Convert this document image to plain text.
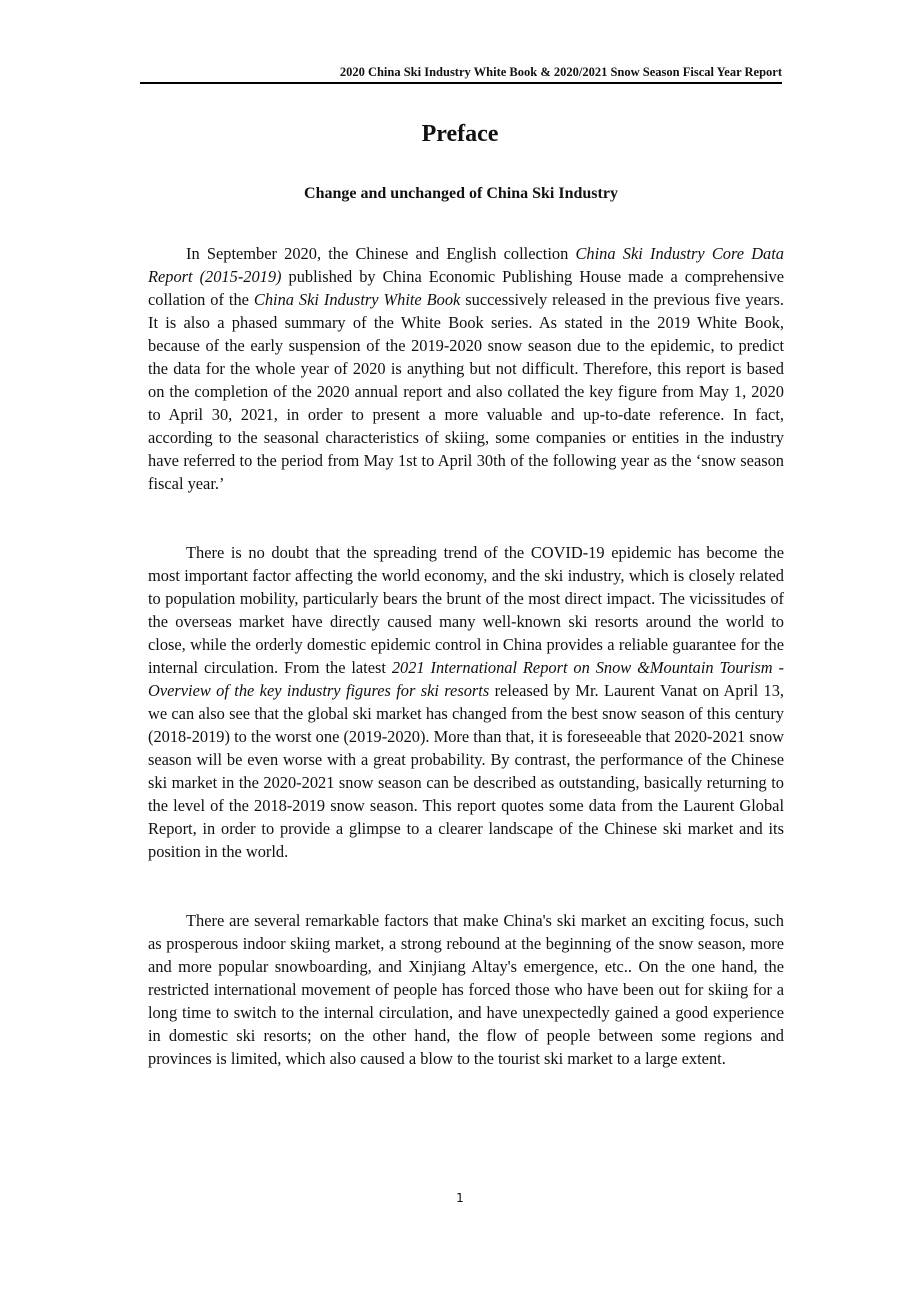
2020 China Ski Industry White Book & 2020/2021 Snow Season Fiscal Year Report
Preface
Change and unchanged of China Ski Industry

In September 2020, the Chinese and English collection China Ski Industry Core Data Report (2015-2019) published by China Economic Publishing House made a comprehensive collation of the China Ski Industry White Book successively released in the previous five years. It is also a phased summary of the White Book series. As stated in the 2019 White Book, because of the early suspension of the 2019-2020 snow season due to the epidemic, to predict the data for the whole year of 2020 is anything but not difficult. Therefore, this report is based on the completion of the 2020 annual report and also collated the key figure from May 1, 2020 to April 30, 2021, in order to present a more valuable and up-to-date reference. In fact, according to the seasonal characteristics of skiing, some companies or entities in the industry have referred to the period from May 1st to April 30th of the following year as the ‘snow season fiscal year.’

There is no doubt that the spreading trend of the COVID-19 epidemic has become the most important factor affecting the world economy, and the ski industry, which is closely related to population mobility, particularly bears the brunt of the most direct impact. The vicissitudes of the overseas market have directly caused many well-known ski resorts around the world to close, while the orderly domestic epidemic control in China provides a reliable guarantee for the internal circulation. From the latest 2021 International Report on Snow &Mountain Tourism - Overview of the key industry figures for ski resorts released by Mr. Laurent Vanat on April 13, we can also see that the global ski market has changed from the best snow season of this century (2018-2019) to the worst one (2019-2020). More than that, it is foreseeable that 2020-2021 snow season will be even worse with a great probability. By contrast, the performance of the Chinese ski market in the 2020-2021 snow season can be described as outstanding, basically returning to the level of the 2018-2019 snow season. This report quotes some data from the Laurent Global Report, in order to provide a glimpse to a clearer landscape of the Chinese ski market and its position in the world.

There are several remarkable factors that make China's ski market an exciting focus, such as prosperous indoor skiing market, a strong rebound at the beginning of the snow season, more and more popular snowboarding, and Xinjiang Altay's emergence, etc.. On the one hand, the restricted international movement of people has forced those who have been out for skiing for a long time to switch to the internal circulation, and have unexpectedly gained a good experience in domestic ski resorts; on the other hand, the flow of people between some regions and provinces is limited, which also caused a blow to the tourist ski market to a large extent.

1
